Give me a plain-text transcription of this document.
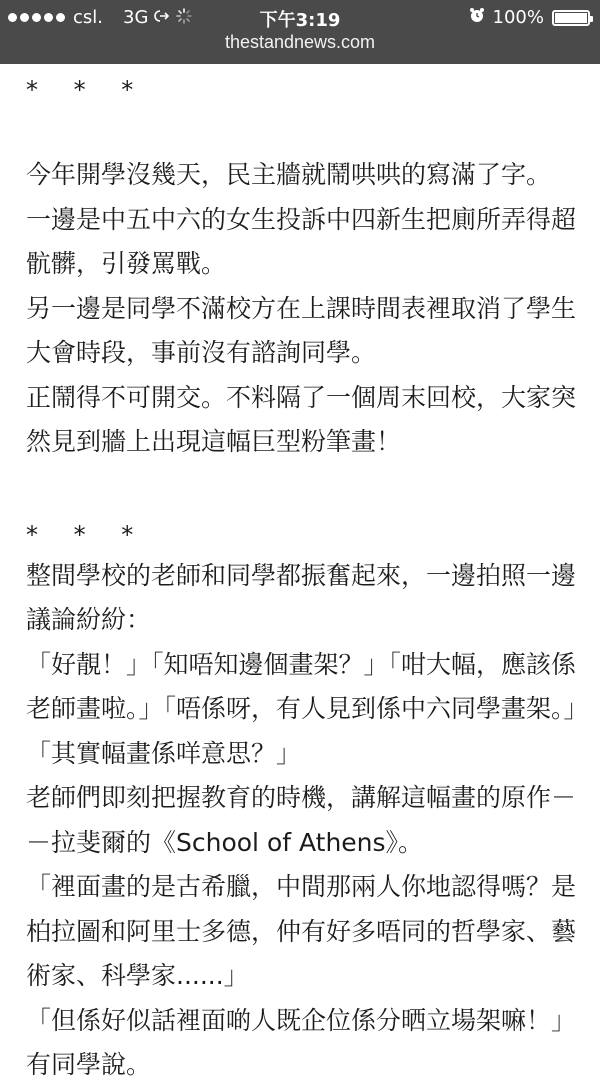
csl. 3G	下午3:19	100%
thestandnews.com
* * *

今年開學沒幾天，民主牆就鬧哄哄的寫滿了字。

一邊是中五中六的女生投訴中四新生把廁所弄得超骯髒，引發罵戰。

另一邊是同學不滿校方在上課時間表裡取消了學生大會時段，事前沒有諮詢同學。

正鬧得不可開交。不料隔了一個周末回校，大家突然見到牆上出現這幅巨型粉筆畫！

* * *

整間學校的老師和同學都振奮起來，一邊拍照一邊議論紛紛：

「好靚！」「知唔知邊個畫架？」「咁大幅，應該係老師畫啦。」「唔係呀，有人見到係中六同學畫架。」「其實幅畫係咩意思？」

老師們即刻把握教育的時機，講解這幅畫的原作－－拉斐爾的《School of Athens》。

「裡面畫的是古希臘，中間那兩人你地認得嗎？是柏拉圖和阿里士多德，仲有好多唔同的哲學家、藝術家、科學家......」

「但係好似話裡面啲人既企位係分晒立場架嘛！」有同學說。
